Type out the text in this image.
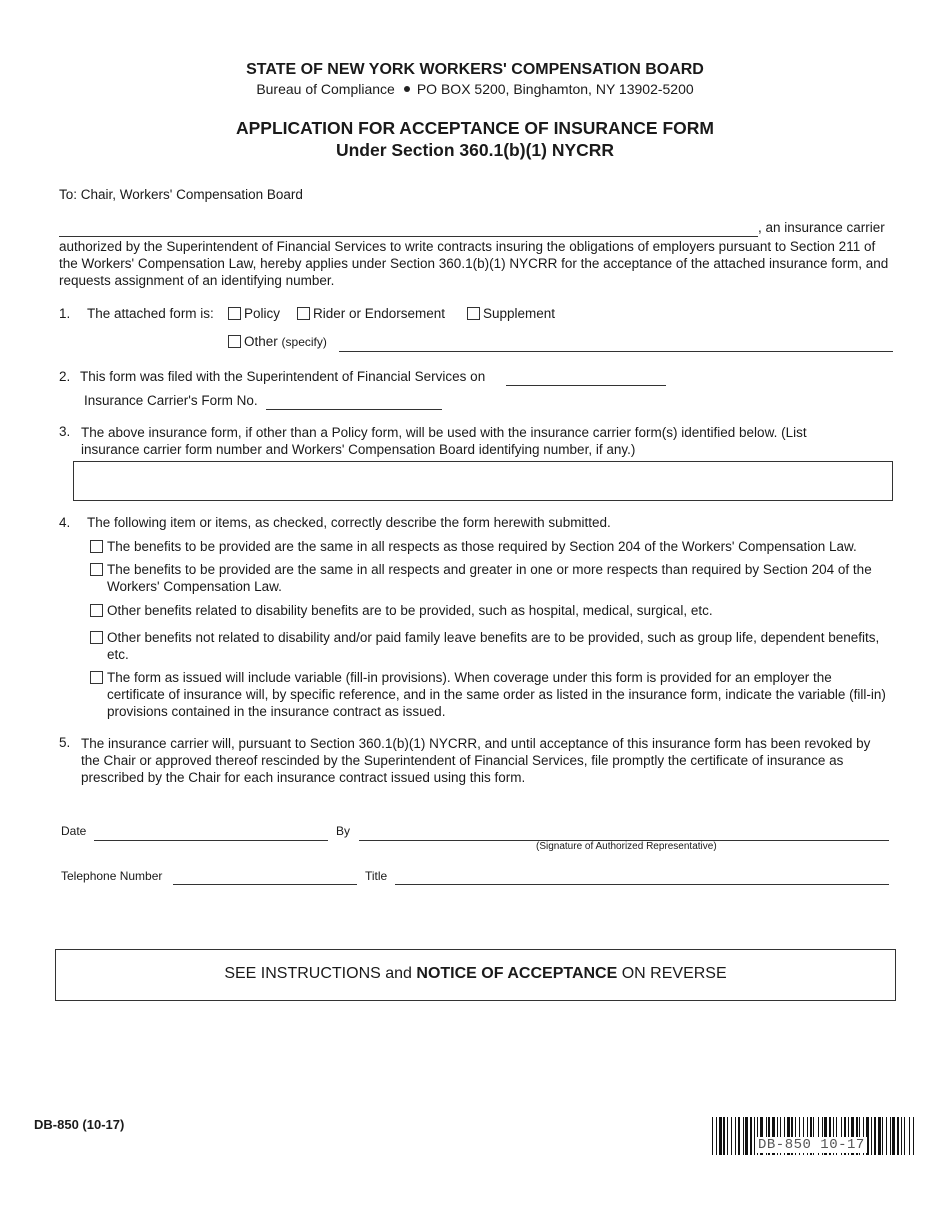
STATE OF NEW YORK WORKERS' COMPENSATION BOARD
Bureau of Compliance PO BOX 5200, Binghamton, NY 13902-5200
APPLICATION FOR ACCEPTANCE OF INSURANCE FORM
Under Section 360.1(b)(1) NYCRR
To: Chair, Workers' Compensation Board
, an insurance carrier
authorized by the Superintendent of Financial Services to write contracts insuring the obligations of employers pursuant to Section 211 of the Workers' Compensation Law, hereby applies under Section 360.1(b)(1) NYCRR for the acceptance of the attached insurance form, and requests assignment of an identifying number.
1. The attached form is:	Policy	Rider or Endorsement	Supplement
Other (specify)
2. This form was filed with the Superintendent of Financial Services on
Insurance Carrier's Form No.
3. The above insurance form, if other than a Policy form, will be used with the insurance carrier form(s) identified below. (List insurance carrier form number and Workers' Compensation Board identifying number, if any.)
4. The following item or items, as checked, correctly describe the form herewith submitted.
The benefits to be provided are the same in all respects as those required by Section 204 of the Workers' Compensation Law.
The benefits to be provided are the same in all respects and greater in one or more respects than required by Section 204 of the Workers' Compensation Law.
Other benefits related to disability benefits are to be provided, such as hospital, medical, surgical, etc.
Other benefits not related to disability and/or paid family leave benefits are to be provided, such as group life, dependent benefits, etc.
The form as issued will include variable (fill-in provisions). When coverage under this form is provided for an employer the certificate of insurance will, by specific reference, and in the same order as listed in the insurance form, indicate the variable (fill-in) provisions contained in the insurance contract as issued.
5. The insurance carrier will, pursuant to Section 360.1(b)(1) NYCRR, and until acceptance of this insurance form has been revoked by the Chair or approved thereof rescinded by the Superintendent of Financial Services, file promptly the certificate of insurance as prescribed by the Chair for each insurance contract issued using this form.
Date	By
(Signature of Authorized Representative)
Telephone Number	Title
SEE INSTRUCTIONS and NOTICE OF ACCEPTANCE ON REVERSE
DB-850 (10-17)
DB-850 10-17
